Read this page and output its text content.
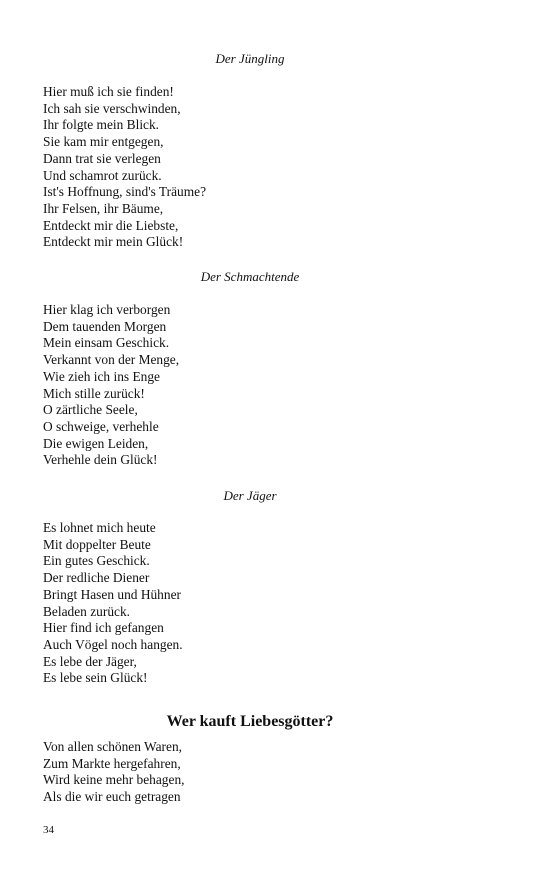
Der Jüngling

Hier muß ich sie finden!
Ich sah sie verschwinden,
Ihr folgte mein Blick.
Sie kam mir entgegen,
Dann trat sie verlegen
Und schamrot zurück.
Ist's Hoffnung, sind's Träume?
Ihr Felsen, ihr Bäume,
Entdeckt mir die Liebste,
Entdeckt mir mein Glück!

Der Schmachtende

Hier klag ich verborgen
Dem tauenden Morgen
Mein einsam Geschick.
Verkannt von der Menge,
Wie zieh ich ins Enge
Mich stille zurück!
O zärtliche Seele,
O schweige, verhehle
Die ewigen Leiden,
Verhehle dein Glück!

Der Jäger

Es lohnet mich heute
Mit doppelter Beute
Ein gutes Geschick.
Der redliche Diener
Bringt Hasen und Hühner
Beladen zurück.
Hier find ich gefangen
Auch Vögel noch hangen.
Es lebe der Jäger,
Es lebe sein Glück!
Wer kauft Liebesgötter?
Von allen schönen Waren,
Zum Markte hergefahren,
Wird keine mehr behagen,
Als die wir euch getragen
34
